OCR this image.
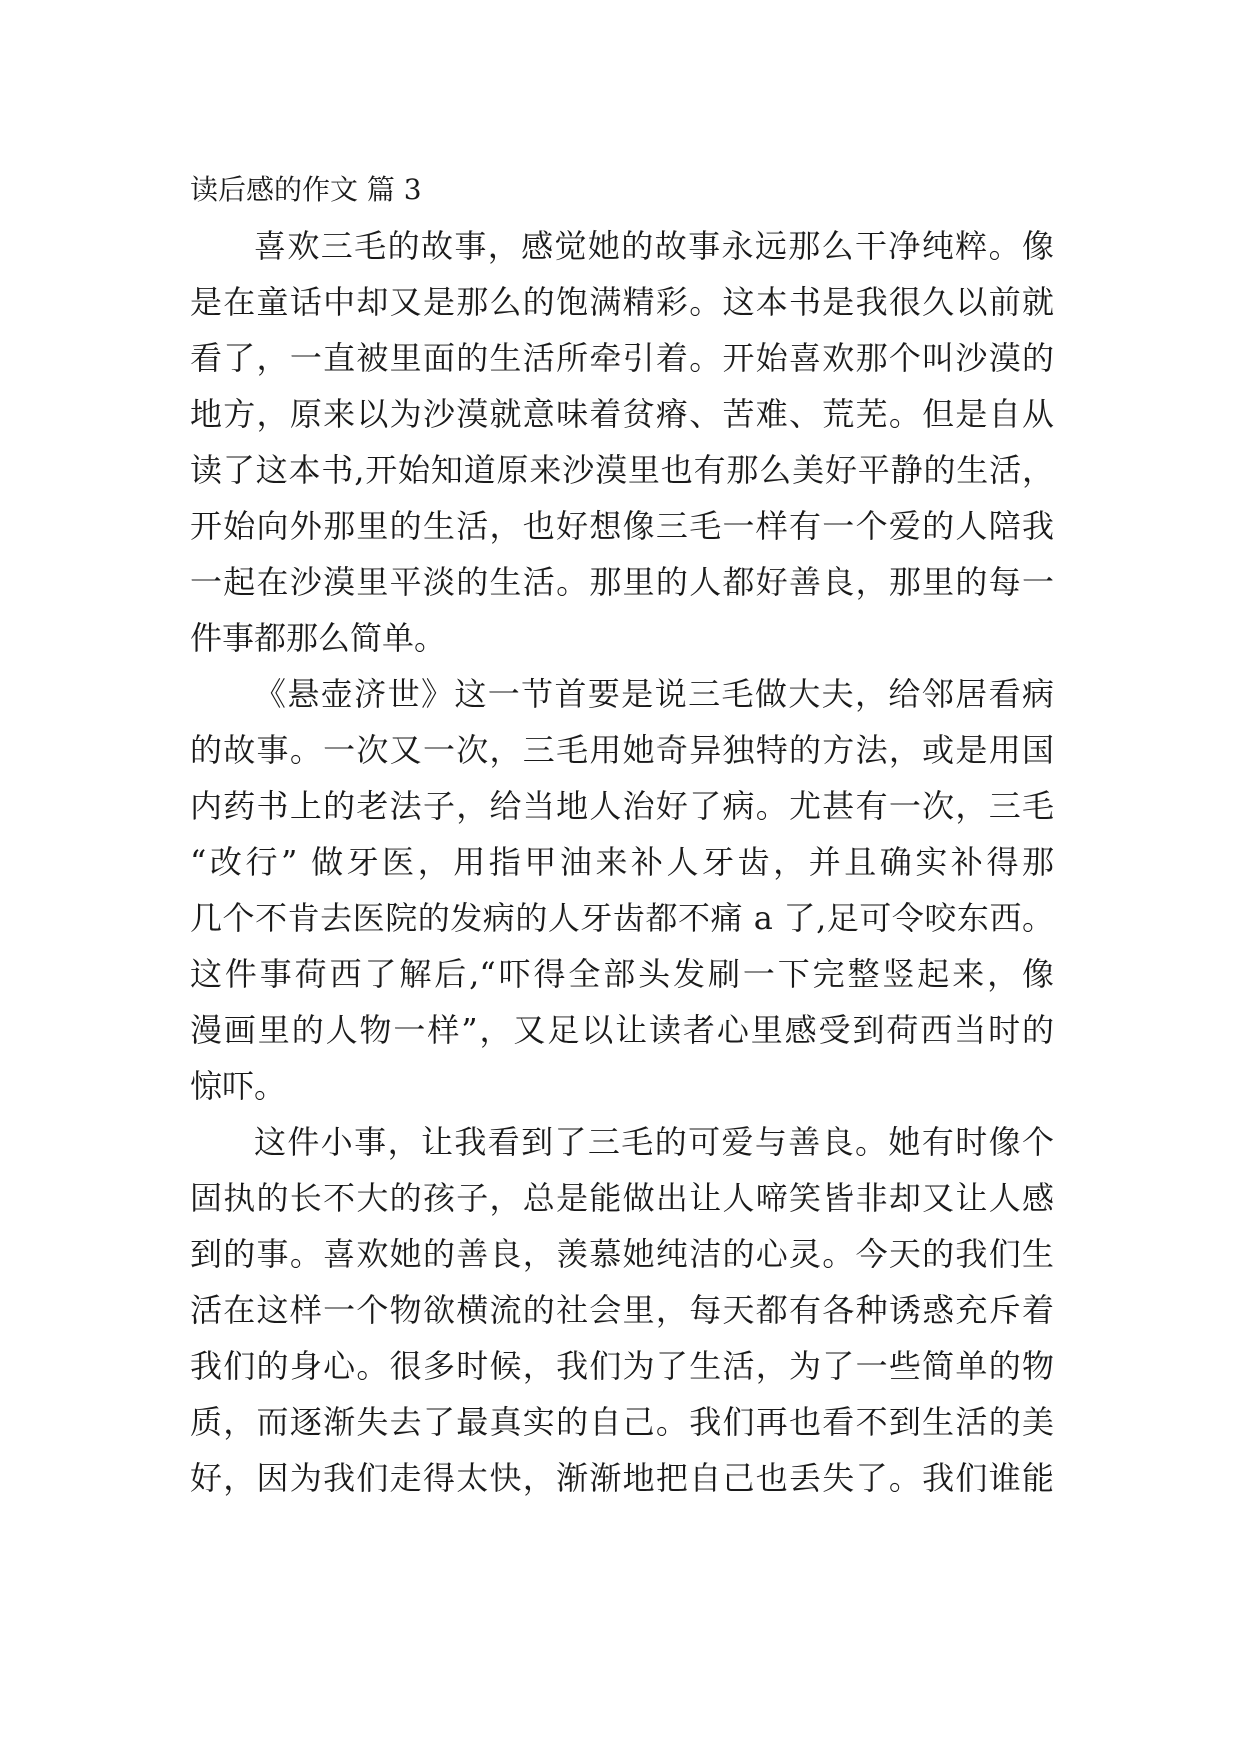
读后感的作文 篇 3
喜欢三毛的故事，感觉她的故事永远那么干净纯粹。像
是在童话中却又是那么的饱满精彩。这本书是我很久以前就
看了，一直被里面的生活所牵引着。开始喜欢那个叫沙漠的
地方，原来以为沙漠就意味着贫瘠、苦难、荒芜。但是自从
读了这本书,开始知道原来沙漠里也有那么美好平静的生活，
开始向外那里的生活，也好想像三毛一样有一个爱的人陪我
一起在沙漠里平淡的生活。那里的人都好善良，那里的每一
件事都那么简单。
《悬壶济世》这一节首要是说三毛做大夫，给邻居看病
的故事。一次又一次，三毛用她奇异独特的方法，或是用国
内药书上的老法子，给当地人治好了病。尤甚有一次，三毛
“改行” 做牙医，用指甲油来补人牙齿，并且确实补得那
几个不肯去医院的发病的人牙齿都不痛 a 了,足可令咬东西。
这件事荷西了解后,“吓得全部头发刷一下完整竖起来，像
漫画里的人物一样”，又足以让读者心里感受到荷西当时的
惊吓。
这件小事，让我看到了三毛的可爱与善良。她有时像个
固执的长不大的孩子，总是能做出让人啼笑皆非却又让人感
到的事。喜欢她的善良，羡慕她纯洁的心灵。今天的我们生
活在这样一个物欲横流的社会里，每天都有各种诱惑充斥着
我们的身心。很多时候，我们为了生活，为了一些简单的物
质，而逐渐失去了最真实的自己。我们再也看不到生活的美
好，因为我们走得太快，渐渐地把自己也丢失了。我们谁能
